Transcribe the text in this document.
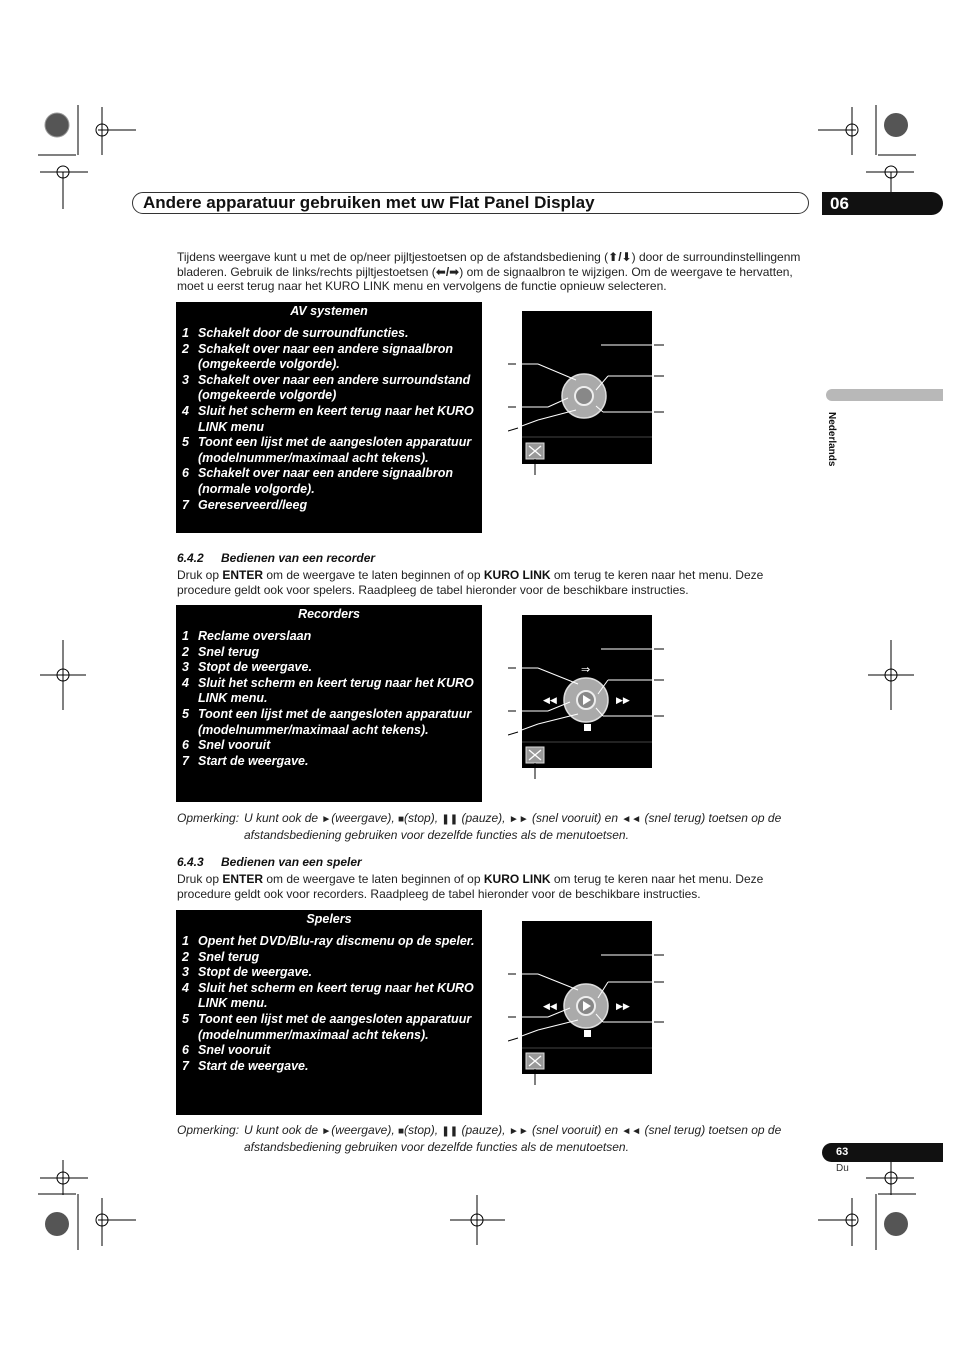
Andere apparatuur gebruiken met uw Flat Panel Display	06
Nederlands
Tijdens weergave kunt u met de op/neer pijltjestoetsen op de afstandsbediening (⬆/⬇) door de surroundinstellingenm bladeren. Gebruik de links/rechts pijltjestoetsen (⬅/➡) om de signaalbron te wijzigen. Om de weergave te hervatten, moet u eerst terug naar het KURO LINK menu en vervolgens de functie opnieuw selecteren.
AV systemen
1 Schakelt door de surroundfuncties.
2 Schakelt over naar een andere signaalbron (omgekeerde volgorde).
3 Schakelt over naar een andere surroundstand (omgekeerde volgorde)
4 Sluit het scherm en keert terug naar het KURO LINK menu
5 Toont een lijst met de aangesloten apparatuur (modelnummer/maximaal acht tekens).
6 Schakelt over naar een andere signaalbron (normale volgorde).
7 Gereserveerd/leeg
6.4.2 Bedienen van een recorder
Druk op ENTER om de weergave te laten beginnen of op KURO LINK om terug te keren naar het menu. Deze procedure geldt ook voor spelers. Raadpleeg de tabel hieronder voor de beschikbare instructies.
Recorders
1 Reclame overslaan
2 Snel terug
3 Stopt de weergave.
4 Sluit het scherm en keert terug naar het KURO LINK menu.
5 Toont een lijst met de aangesloten apparatuur (modelnummer/maximaal acht tekens).
6 Snel vooruit
7 Start de weergave.
⇒
◀◀	▶▶
Opmerking: U kunt ook de ►(weergave), ■(stop), ❚❚ (pauze), ►► (snel vooruit) en ◄◄ (snel terug) toetsen op de afstandsbediening gebruiken voor dezelfde functies als de menutoetsen.
6.4.3 Bedienen van een speler
Druk op ENTER om de weergave te laten beginnen of op KURO LINK om terug te keren naar het menu. Deze procedure geldt ook voor recorders. Raadpleeg de tabel hieronder voor de beschikbare instructies.
Spelers
1 Opent het DVD/Blu-ray discmenu op de speler.
2 Snel terug
3 Stopt de weergave.
4 Sluit het scherm en keert terug naar het KURO LINK menu.
5 Toont een lijst met de aangesloten apparatuur (modelnummer/maximaal acht tekens).
6 Snel vooruit
7 Start de weergave.
◀◀	▶▶
Opmerking: U kunt ook de ►(weergave), ■(stop), ❚❚ (pauze), ►► (snel vooruit) en ◄◄ (snel terug) toetsen op de afstandsbediening gebruiken voor dezelfde functies als de menutoetsen.	63
Du
